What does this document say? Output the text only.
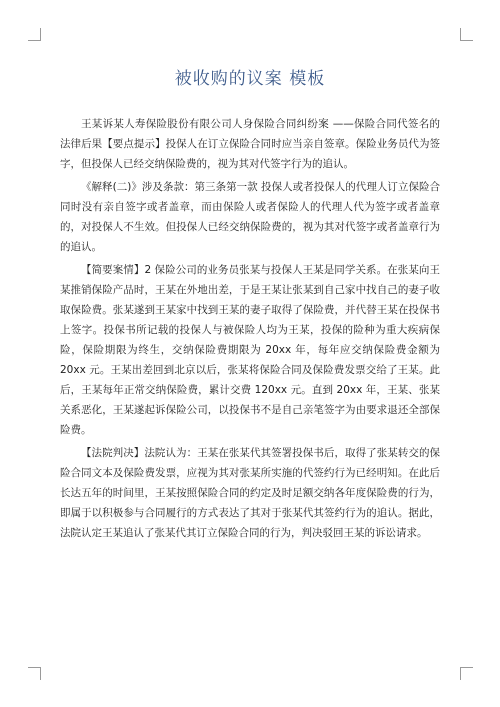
被收购的议案 模板

王某诉某人寿保险股份有限公司人身保险合同纠纷案 ——保险合同代签名的法律后果【要点提示】投保人在订立保险合同时应当亲自签章。保险业务员代为签字，但投保人已经交纳保险费的，视为其对代签字行为的追认。

《解释(二)》涉及条款：第三条第一款 投保人或者投保人的代理人订立保险合同时没有亲自签字或者盖章，而由保险人或者保险人的代理人代为签字或者盖章的，对投保人不生效。但投保人已经交纳保险费的，视为其对代签字或者盖章行为的追认。

【简要案情】2 保险公司的业务员张某与投保人王某是同学关系。在张某向王某推销保险产品时，王某在外地出差，于是王某让张某到自己家中找自己的妻子收取保险费。张某遂到王某家中找到王某的妻子取得了保险费，并代替王某在投保书上签字。投保书所记载的投保人与被保险人均为王某，投保的险种为重大疾病保险，保险期限为终生，交纳保险费期限为 20xx 年，每年应交纳保险费金额为 20xx 元。王某出差回到北京以后，张某将保险合同及保险费发票交给了王某。此后，王某每年正常交纳保险费，累计交费 120xx 元。直到 20xx 年，王某、张某关系恶化，王某遂起诉保险公司，以投保书不是自己亲笔签字为由要求退还全部保险费。

【法院判决】法院认为：王某在张某代其签署投保书后，取得了张某转交的保险合同文本及保险费发票，应视为其对张某所实施的代签约行为已经明知。在此后长达五年的时间里，王某按照保险合同的约定及时足额交纳各年度保险费的行为，即属于以积极参与合同履行的方式表达了其对于张某代其签约行为的追认。据此，法院认定王某追认了张某代其订立保险合同的行为，判决驳回王某的诉讼请求。
